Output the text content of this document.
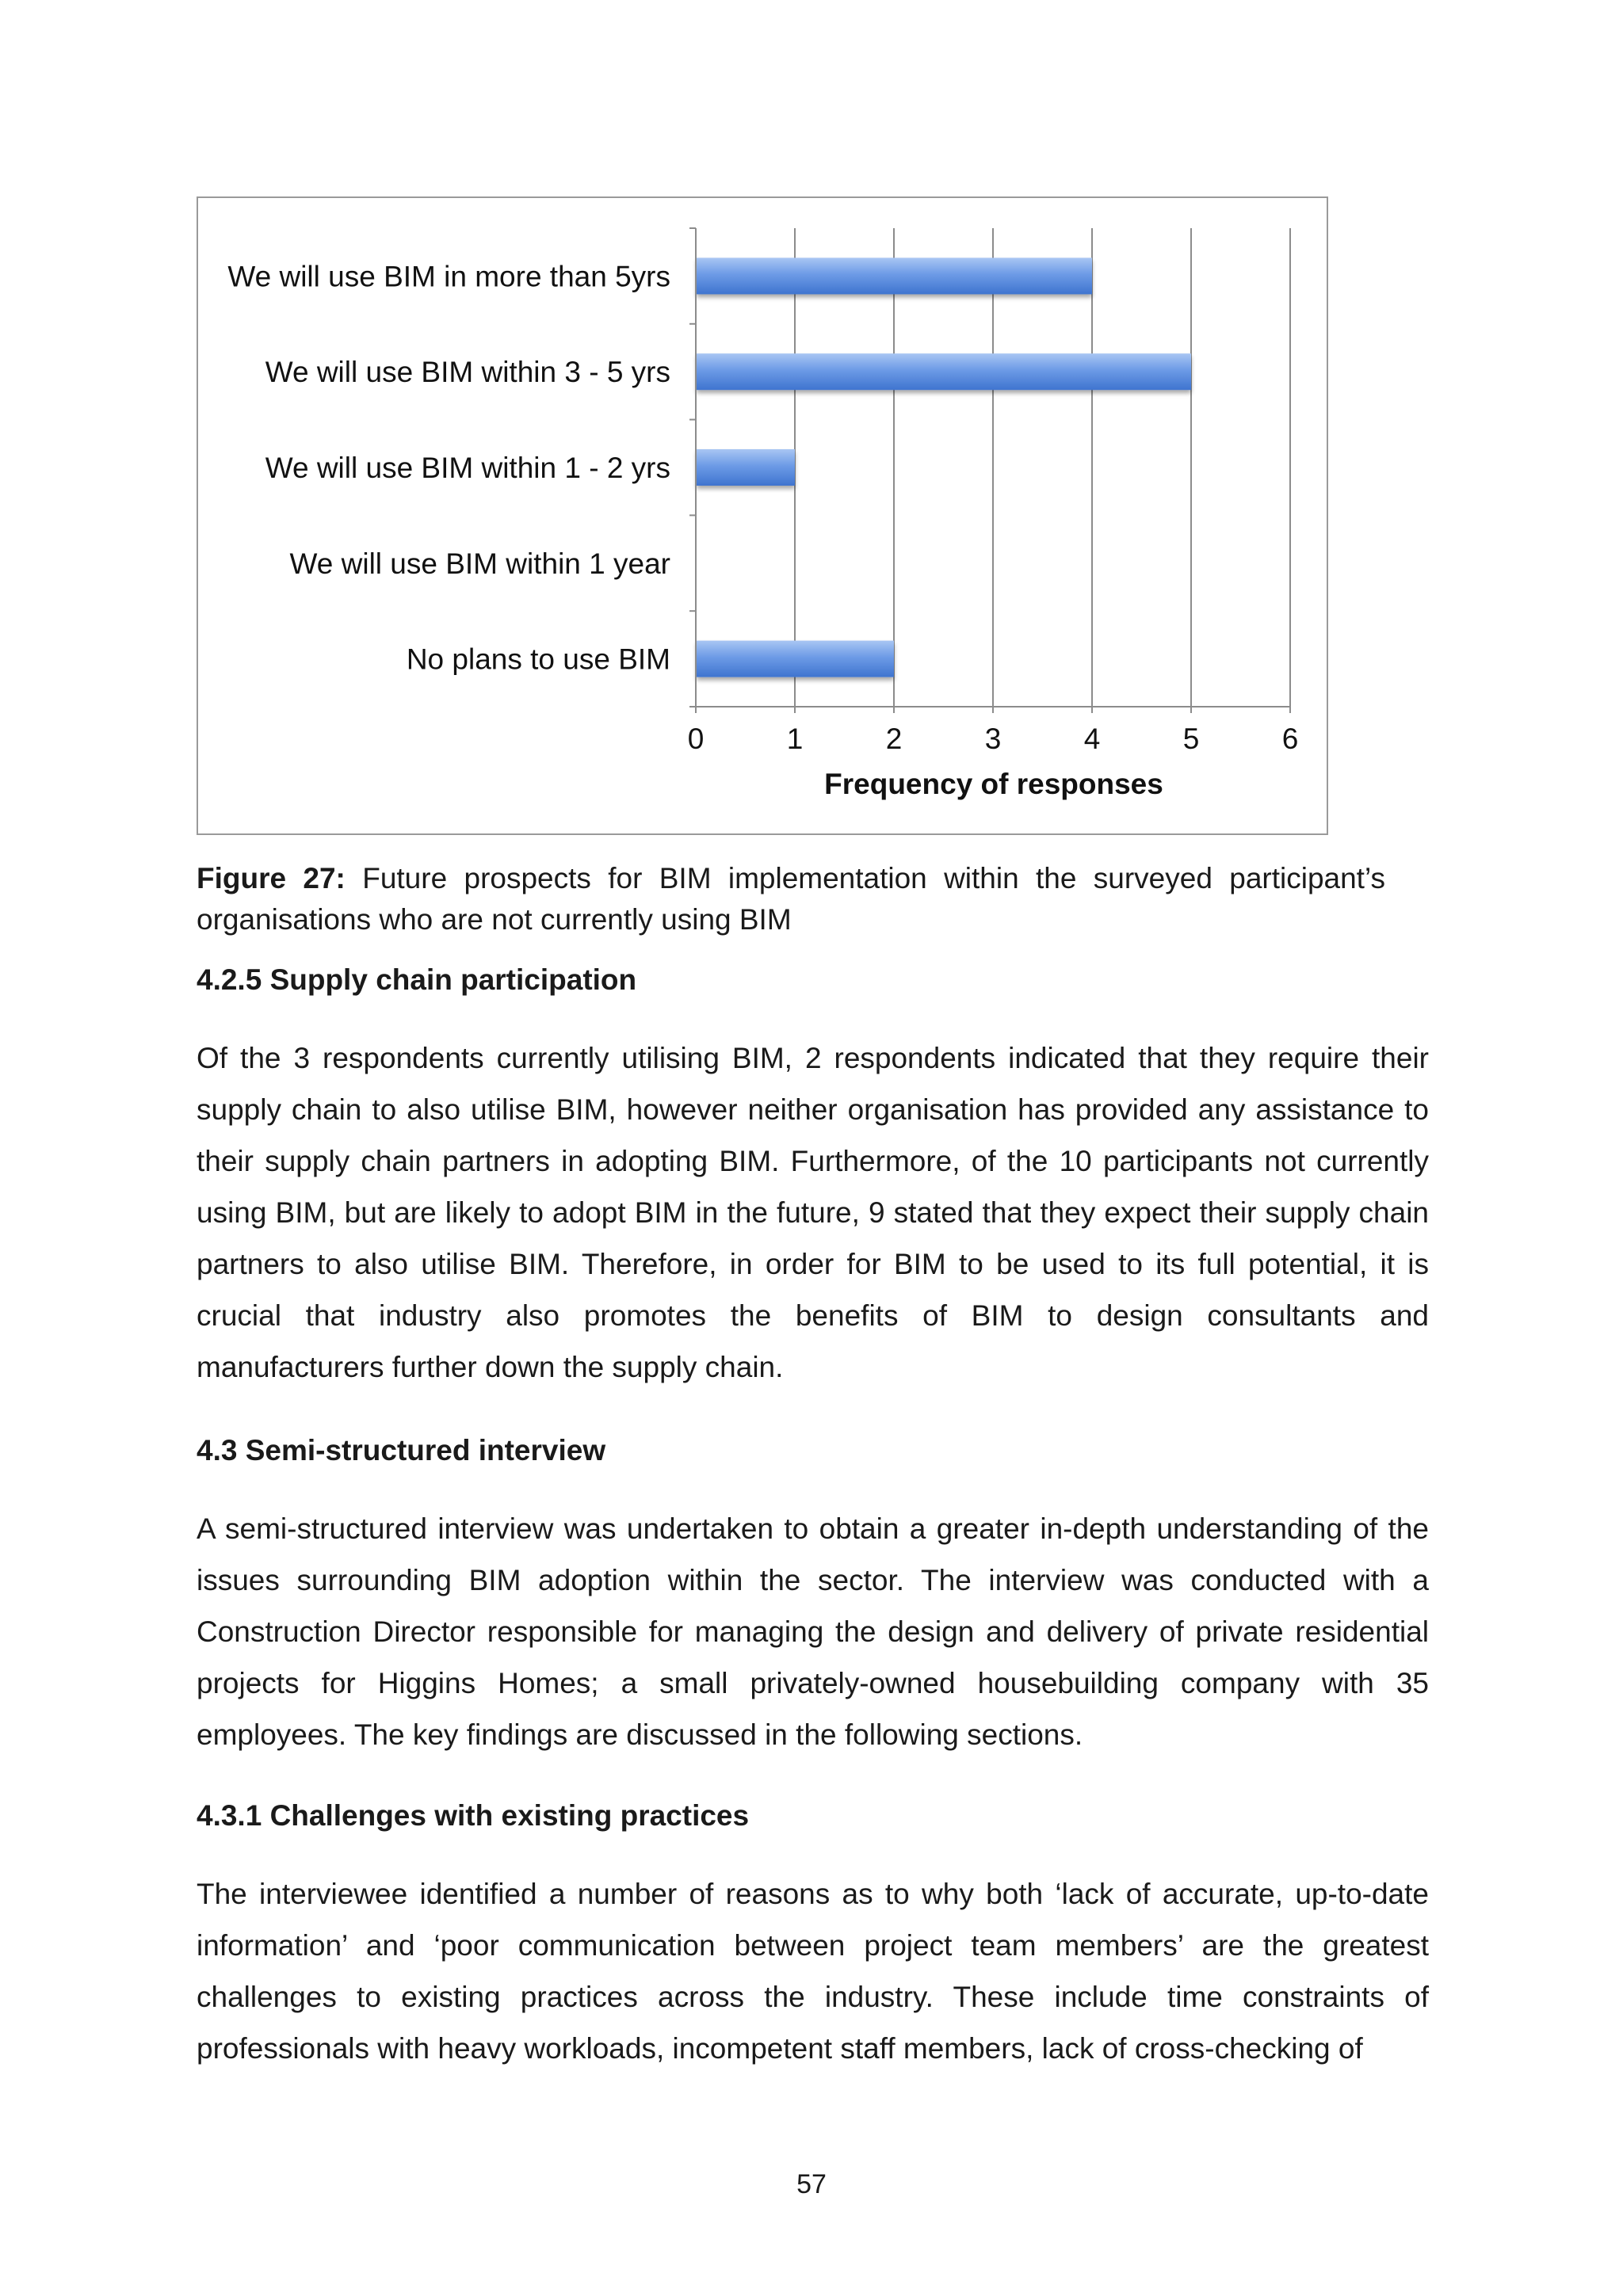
We will use BIM in more than 5yrs
We will use BIM within 3 - 5 yrs
We will use BIM within 1 - 2 yrs
We will use BIM within 1 year
No plans to use BIM
0	1	2	3	4	5	6
Frequency of responses

Figure 27: Future prospects for BIM implementation within the surveyed participant’s organisations who are not currently using BIM

4.2.5 Supply chain participation

Of the 3 respondents currently utilising BIM, 2 respondents indicated that they require their supply chain to also utilise BIM, however neither organisation has provided any assistance to their supply chain partners in adopting BIM. Furthermore, of the 10 participants not currently using BIM, but are likely to adopt BIM in the future, 9 stated that they expect their supply chain partners to also utilise BIM. Therefore, in order for BIM to be used to its full potential, it is crucial that industry also promotes the benefits of BIM to design consultants and manufacturers further down the supply chain.

4.3 Semi-structured interview

A semi-structured interview was undertaken to obtain a greater in-depth understanding of the issues surrounding BIM adoption within the sector. The interview was conducted with a Construction Director responsible for managing the design and delivery of private residential projects for Higgins Homes; a small privately-owned housebuilding company with 35 employees. The key findings are discussed in the following sections.

4.3.1 Challenges with existing practices

The interviewee identified a number of reasons as to why both ‘lack of accurate, up-to-date information’ and ‘poor communication between project team members’ are the greatest challenges to existing practices across the industry. These include time constraints of professionals with heavy workloads, incompetent staff members, lack of cross-checking of

57
